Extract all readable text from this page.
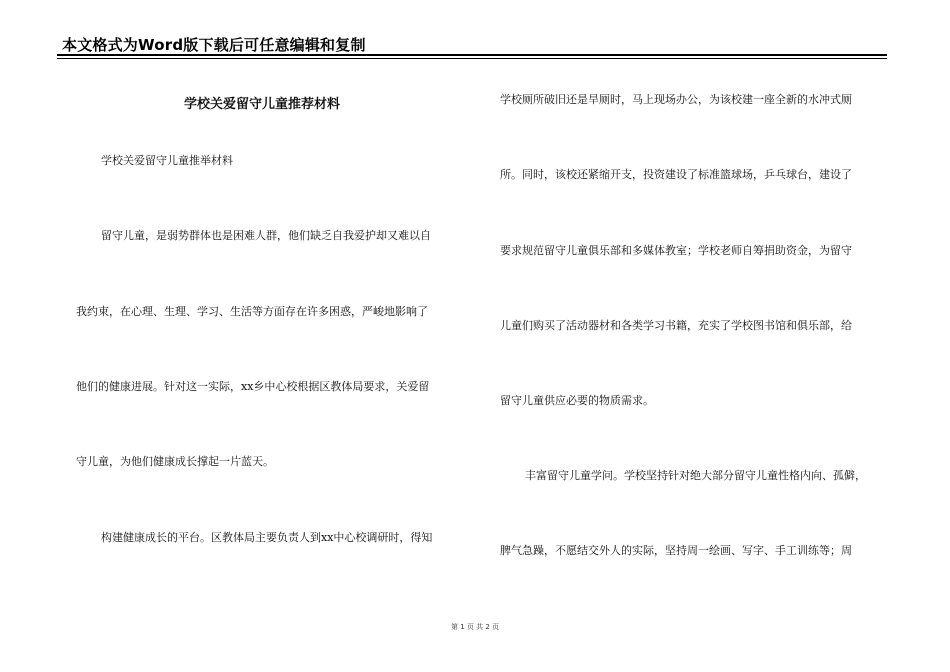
本文格式为Word版下载后可任意编辑和复制
学校关爱留守儿童推荐材料
学校关爱留守儿童推举材料
留守儿童，是弱势群体也是困难人群，他们缺乏自我爱护却又难以自
我约束，在心理、生理、学习、生活等方面存在许多困惑，严峻地影响了
他们的健康进展。针对这一实际，xx乡中心校根据区教体局要求，关爱留
守儿童，为他们健康成长撑起一片蓝天。
构建健康成长的平台。区教体局主要负责人到xx中心校调研时，得知
学校厕所破旧还是旱厕时，马上现场办公，为该校建一座全新的水冲式厕
所。同时，该校还紧缩开支，投资建设了标准篮球场，乒乓球台，建设了
要求规范留守儿童俱乐部和多媒体教室；学校老师自筹捐助资金，为留守
儿童们购买了活动器材和各类学习书籍，充实了学校图书馆和俱乐部，给
留守儿童供应必要的物质需求。
丰富留守儿童学问。学校坚持针对绝大部分留守儿童性格内向、孤僻，
脾气急躁，不愿结交外人的实际，坚持周一绘画、写字、手工训练等；周
第 1 页 共 2 页
